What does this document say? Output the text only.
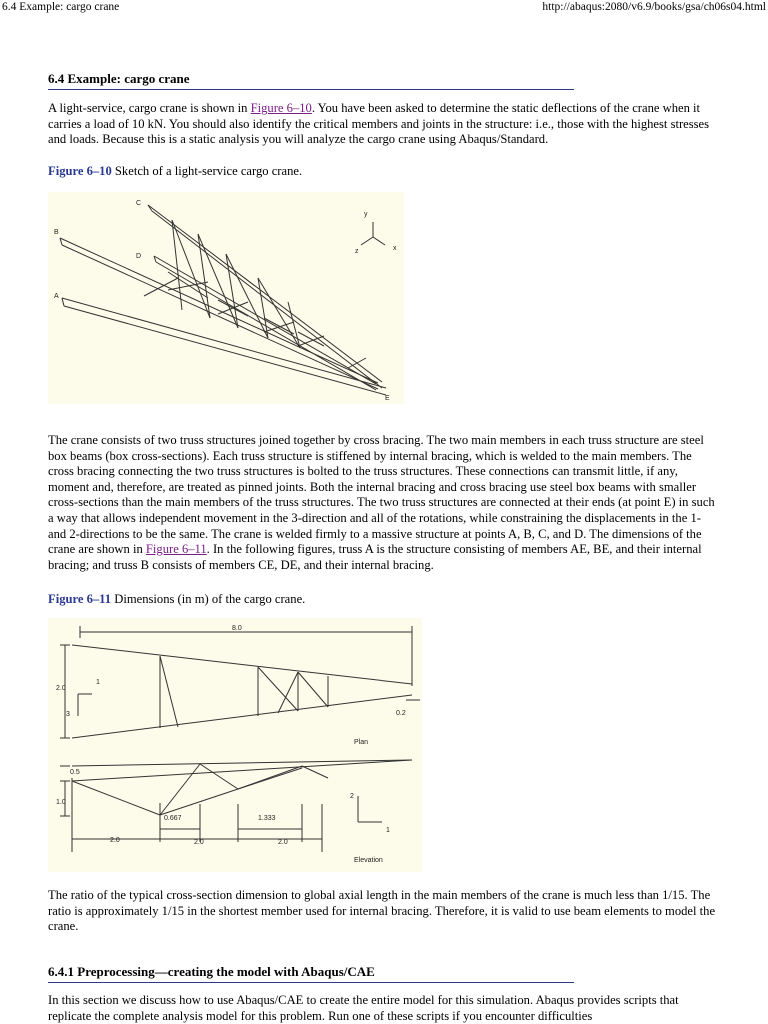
6.4 Example: cargo crane	http://abaqus:2080/v6.9/books/gsa/ch06s04.html
6.4 Example: cargo crane
A light-service, cargo crane is shown in Figure 6–10. You have been asked to determine the static deflections of the crane when it carries a load of 10 kN. You should also identify the critical members and joints in the structure: i.e., those with the highest stresses and loads. Because this is a static analysis you will analyze the cargo crane using Abaqus/Standard.
Figure 6–10 Sketch of a light-service cargo crane.
A
B
C
D
E
y
x
z
The crane consists of two truss structures joined together by cross bracing. The two main members in each truss structure are steel box beams (box cross-sections). Each truss structure is stiffened by internal bracing, which is welded to the main members. The cross bracing connecting the two truss structures is bolted to the truss structures. These connections can transmit little, if any, moment and, therefore, are treated as pinned joints. Both the internal bracing and cross bracing use steel box beams with smaller cross-sections than the main members of the truss structures. The two truss structures are connected at their ends (at point E) in such a way that allows independent movement in the 3-direction and all of the rotations, while constraining the displacements in the 1- and 2-directions to be the same. The crane is welded firmly to a massive structure at points A, B, C, and D. The dimensions of the crane are shown in Figure 6–11. In the following figures, truss A is the structure consisting of members AE, BE, and their internal bracing; and truss B consists of members CE, DE, and their internal bracing.
Figure 6–11 Dimensions (in m) of the cargo crane.
8.0
2.0
1
3	0.2
Plan
0.5
1.0
0.667	1.333
2.0	2.0	2.0
2
1
Elevation
The ratio of the typical cross-section dimension to global axial length in the main members of the crane is much less than 1/15. The ratio is approximately 1/15 in the shortest member used for internal bracing. Therefore, it is valid to use beam elements to model the crane.
6.4.1 Preprocessing—creating the model with Abaqus/CAE
In this section we discuss how to use Abaqus/CAE to create the entire model for this simulation. Abaqus provides scripts that replicate the complete analysis model for this problem. Run one of these scripts if you encounter difficulties
